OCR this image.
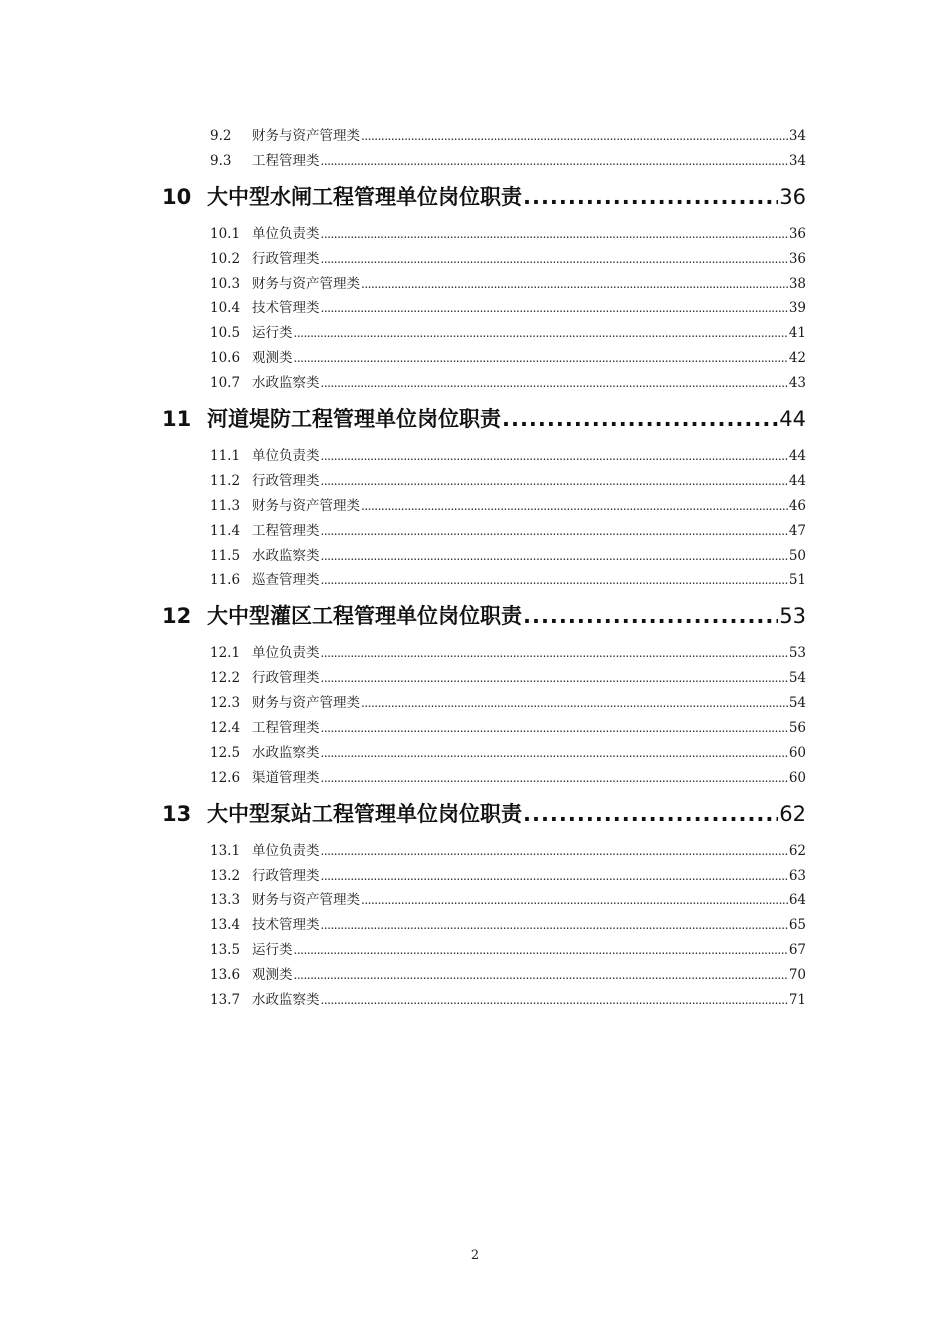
9.2	财务与资产管理类 .....	34
9.3	工程管理类 .....	34
10 大中型水闸工程管理单位岗位职责 .....	36
10.1 单位负责类 .....	36
10.2 行政管理类 .....	36
10.3 财务与资产管理类 .....	38
10.4 技术管理类 .....	39
10.5 运行类 .....	41
10.6 观测类 .....	42
10.7 水政监察类 .....	43
11 河道堤防工程管理单位岗位职责 .....	44
11.1 单位负责类 .....	44
11.2 行政管理类 .....	44
11.3 财务与资产管理类 .....	46
11.4 工程管理类 .....	47
11.5 水政监察类 .....	50
11.6 巡查管理类 .....	51
12 大中型灌区工程管理单位岗位职责 .....	53
12.1 单位负责类 .....	53
12.2 行政管理类 .....	54
12.3 财务与资产管理类 .....	54
12.4 工程管理类 .....	56
12.5 水政监察类 .....	60
12.6 渠道管理类 .....	60
13 大中型泵站工程管理单位岗位职责 .....	62
13.1 单位负责类 .....	62
13.2 行政管理类 .....	63
13.3 财务与资产管理类 .....	64
13.4 技术管理类 .....	65
13.5 运行类 .....	67
13.6 观测类 .....	70
13.7 水政监察类 .....	71
2
